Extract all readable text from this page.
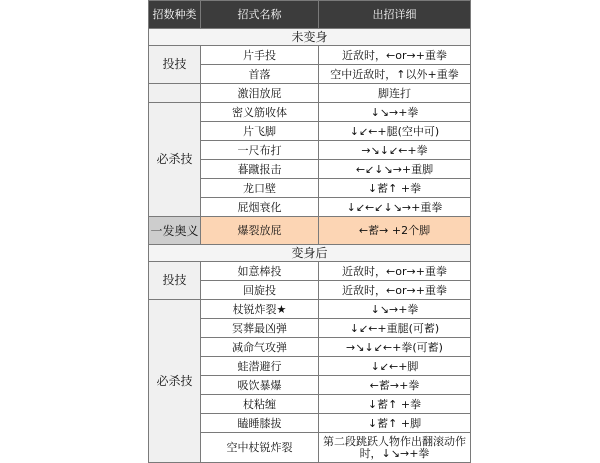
招数种类	招式名称	出招详细
未变身		
投技	片手投	近敌时，←or→+重拳
	首落	空中近敌时，↑以外+重拳
	激泪放屁	脚连打
必杀技	密义筋收体	↓↘→+拳
	片飞脚	↓↙←+腿(空中可)
	一尺布打	→↘↓↙←+拳
	暮蹴报击	←↙↓↘→+重脚
	龙口壁	↓蓄↑ +拳
	屁烟衰化	↓↙←↙↓↘→+重拳
一发奥义	爆裂放屁	←蓄→ +2个脚
变身后		
投技	如意棒投	近敌时，←or→+重拳
	回旋投	近敌时，←or→+重拳
必杀技	杖锐炸裂★	↓↘→+拳
	冥葬最凶弹	↓↙←+重腿(可蓄)
	减命气攻弹	→↘↓↙←+拳(可蓄)
	蛙潜避行	↓↙←+脚
	吸饮暴爆	←蓄→+拳
	杖粘缠	↓蓄↑ +拳
	瞌睡膝拔	↓蓄↑ +脚
	空中杖锐炸裂	第二段跳跃人物作出翻滚动作时，↓↘→+拳
